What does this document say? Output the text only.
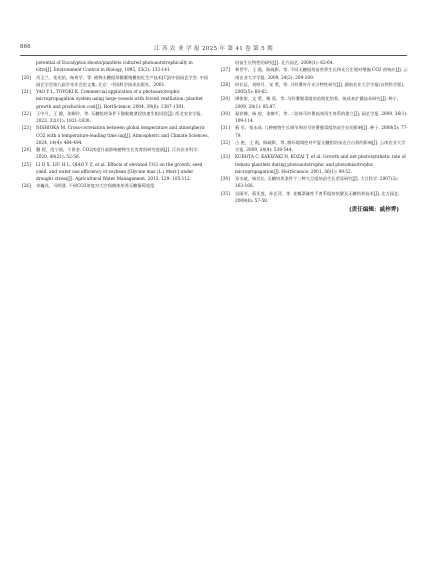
866	江 苏 农 业 学 报 2025 年 第 41 卷 第 5 期
potential of Eucalyptus shoots/plantlets cultured photoautotrophically in vitro[J]. Environment Control in Biology, 1995, 33(2): 133-141.
[20]	肖玉兰，张光怡，杨育学，等. 植物无糖组培微繁殖模拟化生产技术[C]//中国园艺学会. 中国园艺学会第九届学术年会论文集. 北京：中国科学技术出版社，2001.
[21]	YAO Y L, TOYOKI K. Commercial application of a photoautotrophic micropropagation system using large vessels with forced ventilation: plantlet growth and production cost[J]. HortScience, 2004, 39(6): 1387-1391.
[22]	王中月，王 健，张婀玲，等. 无糖组培条件下猕猴桃茎段快速生根试验[J]. 西北农业学报, 2023, 32(11): 1821-1830.
[23]	NISHIOKA M. Cross-correlation between global temperature and atmospheric CO2 with a temperature-leading time lag[J]. Atmospheric and Climate Sciences, 2024, 14(4): 484-494.
[24]	蒯 煜，范宁丽，于景金. CO2浓度升高影响植物生长发育的研究进展[J]. 江苏农业科学, 2020, 48(21): 52-56.
[25]	LI D X, LIU H L, QIAO Y Z, et al. Effects of elevated CO2 on the growth, seed yield, and water use efficiency of soybean [Glycine max (L.) Merr.] under drought stress[J]. Agricultural Water Management, 2013, 129: 105-112.
[26]	宋巍苏，马明建. 不同CO2浓度对大空间菌体培养无糖葡萄花组
培苗生长特性的研究[J]. 北方园艺, 2009(1): 62-64.
[27]	和世平，王 霞，陈疏影，等. 不同无糖组培苗营养生长和光合生理对增施 CO2 的响应[J]. 云南农业大学学报, 2009, 24(2): 204-209.
[28]	何长征，刘明月，宋 勇，等. 马铃薯叶片光合特性研究[J]. 湖南农业大学学报(自然科学版), 2005(5): 60-62.
[29]	谭体银，文 勇，梅 菊，等. 马铃薯脱毒组培苗简化培养，低成本扩繁技术研究[J]. 种子, 2009, 28(1): 85-87.
[30]	晁祥娜，杨 煜，金黎平，等. 二倍体马铃薯高效再生体系的建立[J]. 园艺学报, 2009, 36(1): 109-114.
[31]	燕 军，张永成. 几种植物生长调节剂对马铃薯脱毒组培苗生长的影响[J]. 种子, 2008(5): 77-79.
[32]	占 艳，王 霞，陈疏影，等. 微环境调控对平夏无糖组培苗光合自养的影响[J]. 云南农业大学学报, 2009, 24(4): 539-544.
[33]	KUBOTA C, KAKIZAKI N, KOZAI T, et al. Growth and net photosynthetic rate of tomato plantlets during photoautotrophic and photomixotrophic micropropagation[J]. HortScience, 2001, 36(1): 49-52.
[34]	邓水斌，杨其长. 无糖培养条件下三种大豆组培苗生长差异研究[J]. 大豆科学, 2007(2): 163-166.
[35]	吴丽芳，蒋亚莲，孙艺萍，等. 花椰菜雄性不育系组培快繁及无糖培养技术[J]. 北方园艺, 2009(6): 57-58.
(责任编辑：戚梓霁)
